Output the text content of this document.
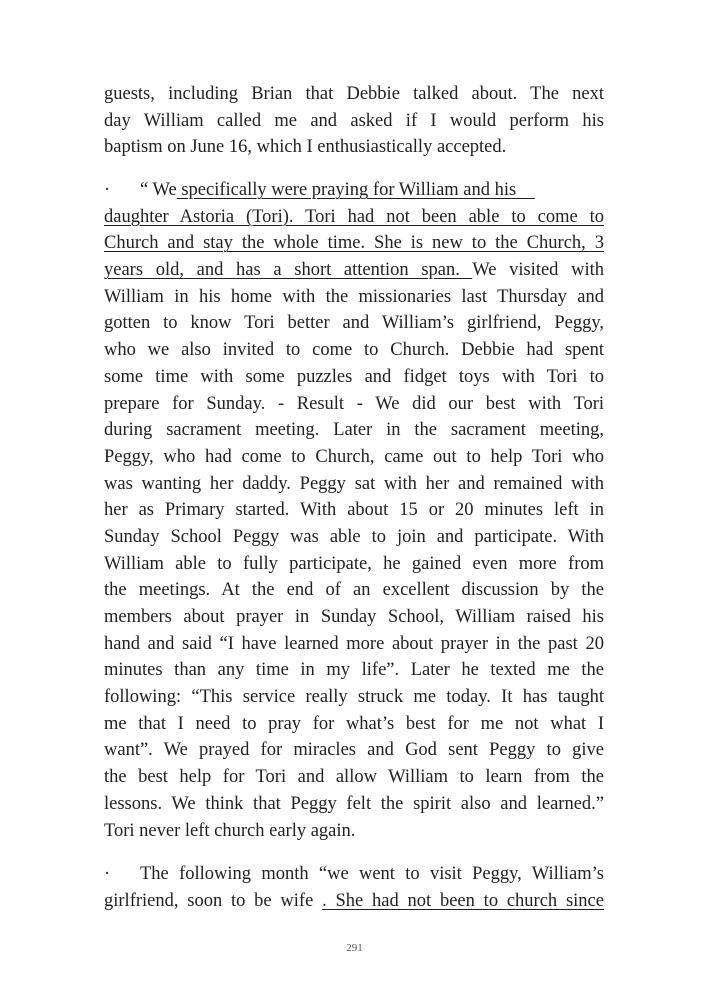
guests, including Brian that Debbie talked about. The next
day William called me and asked if I would perform his
baptism on June 16, which I enthusiastically accepted.
· “ We specifically were praying for William and his
daughter Astoria (Tori). Tori had not been able to come to
Church and stay the whole time. She is new to the Church, 3
years old, and has a short attention span. We visited with
William in his home with the missionaries last Thursday and
gotten to know Tori better and William’s girlfriend, Peggy,
who we also invited to come to Church. Debbie had spent
some time with some puzzles and fidget toys with Tori to
prepare for Sunday. - Result - We did our best with Tori
during sacrament meeting. Later in the sacrament meeting,
Peggy, who had come to Church, came out to help Tori who
was wanting her daddy. Peggy sat with her and remained with
her as Primary started. With about 15 or 20 minutes left in
Sunday School Peggy was able to join and participate. With
William able to fully participate, he gained even more from
the meetings. At the end of an excellent discussion by the
members about prayer in Sunday School, William raised his
hand and said “I have learned more about prayer in the past 20
minutes than any time in my life”. Later he texted me the
following: “This service really struck me today. It has taught
me that I need to pray for what’s best for me not what I
want”. We prayed for miracles and God sent Peggy to give
the best help for Tori and allow William to learn from the
lessons. We think that Peggy felt the spirit also and learned.”
Tori never left church early again.
· The following month “we went to visit Peggy, William’s
girlfriend, soon to be wife . She had not been to church since
291
